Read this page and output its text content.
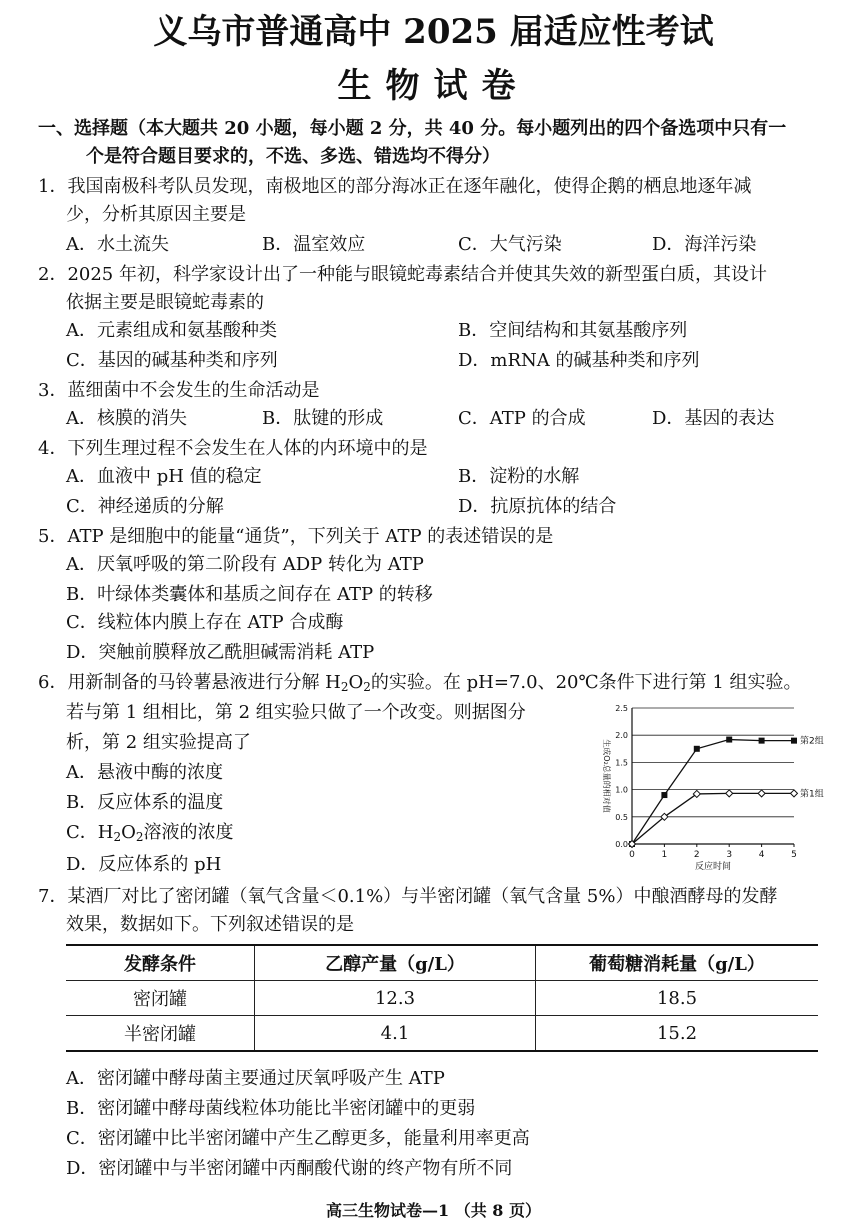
义乌市普通高中 2025 届适应性考试
生物试卷
一、选择题（本大题共 20 小题，每小题 2 分，共 40 分。每小题列出的四个备选项中只有一
个是符合题目要求的，不选、多选、错选均不得分）
1．我国南极科考队员发现，南极地区的部分海冰正在逐年融化，使得企鹅的栖息地逐年减
少，分析其原因主要是
A．水土流失	B．温室效应	C．大气污染	D．海洋污染
2．2025 年初，科学家设计出了一种能与眼镜蛇毒素结合并使其失效的新型蛋白质，其设计
依据主要是眼镜蛇毒素的
A．元素组成和氨基酸种类	B．空间结构和其氨基酸序列
C．基因的碱基种类和序列	D．mRNA 的碱基种类和序列
3．蓝细菌中不会发生的生命活动是
A．核膜的消失	B．肽键的形成	C．ATP 的合成	D．基因的表达
4．下列生理过程不会发生在人体的内环境中的是
A．血液中 pH 值的稳定	B．淀粉的水解
C．神经递质的分解	D．抗原抗体的结合
5．ATP 是细胞中的能量“通货”，下列关于 ATP 的表述错误的是
A．厌氧呼吸的第二阶段有 ADP 转化为 ATP
B．叶绿体类囊体和基质之间存在 ATP 的转移
C．线粒体内膜上存在 ATP 合成酶
D．突触前膜释放乙酰胆碱需消耗 ATP
6．用新制备的马铃薯悬液进行分解 $H_2O_2$的实验。在 pH=7.0、20℃条件下进行第 1 组实验。
若与第 1 组相比，第 2 组实验只做了一个改变。则据图分
析，第 2 组实验提高了
A．悬液中酶的浓度
B．反应体系的温度
C．$H_2O_2$溶液的浓度
D．反应体系的 pH
0.0
0.5
1.0
1.5
2.0
2.5
0	1	2	3	4	5
反应时间
生成O₂总量的相对值	第2组
第1组
7．某酒厂对比了密闭罐（氧气含量＜0.1%）与半密闭罐（氧气含量 5%）中酿酒酵母的发酵
效果，数据如下。下列叙述错误的是
发酵条件	乙醇产量（g/L）	葡萄糖消耗量（g/L）
密闭罐	12.3	18.5
半密闭罐	4.1	15.2
A．密闭罐中酵母菌主要通过厌氧呼吸产生 ATP
B．密闭罐中酵母菌线粒体功能比半密闭罐中的更弱
C．密闭罐中比半密闭罐中产生乙醇更多，能量利用率更高
D．密闭罐中与半密闭罐中丙酮酸代谢的终产物有所不同
高三生物试卷—1 （共 8 页）
